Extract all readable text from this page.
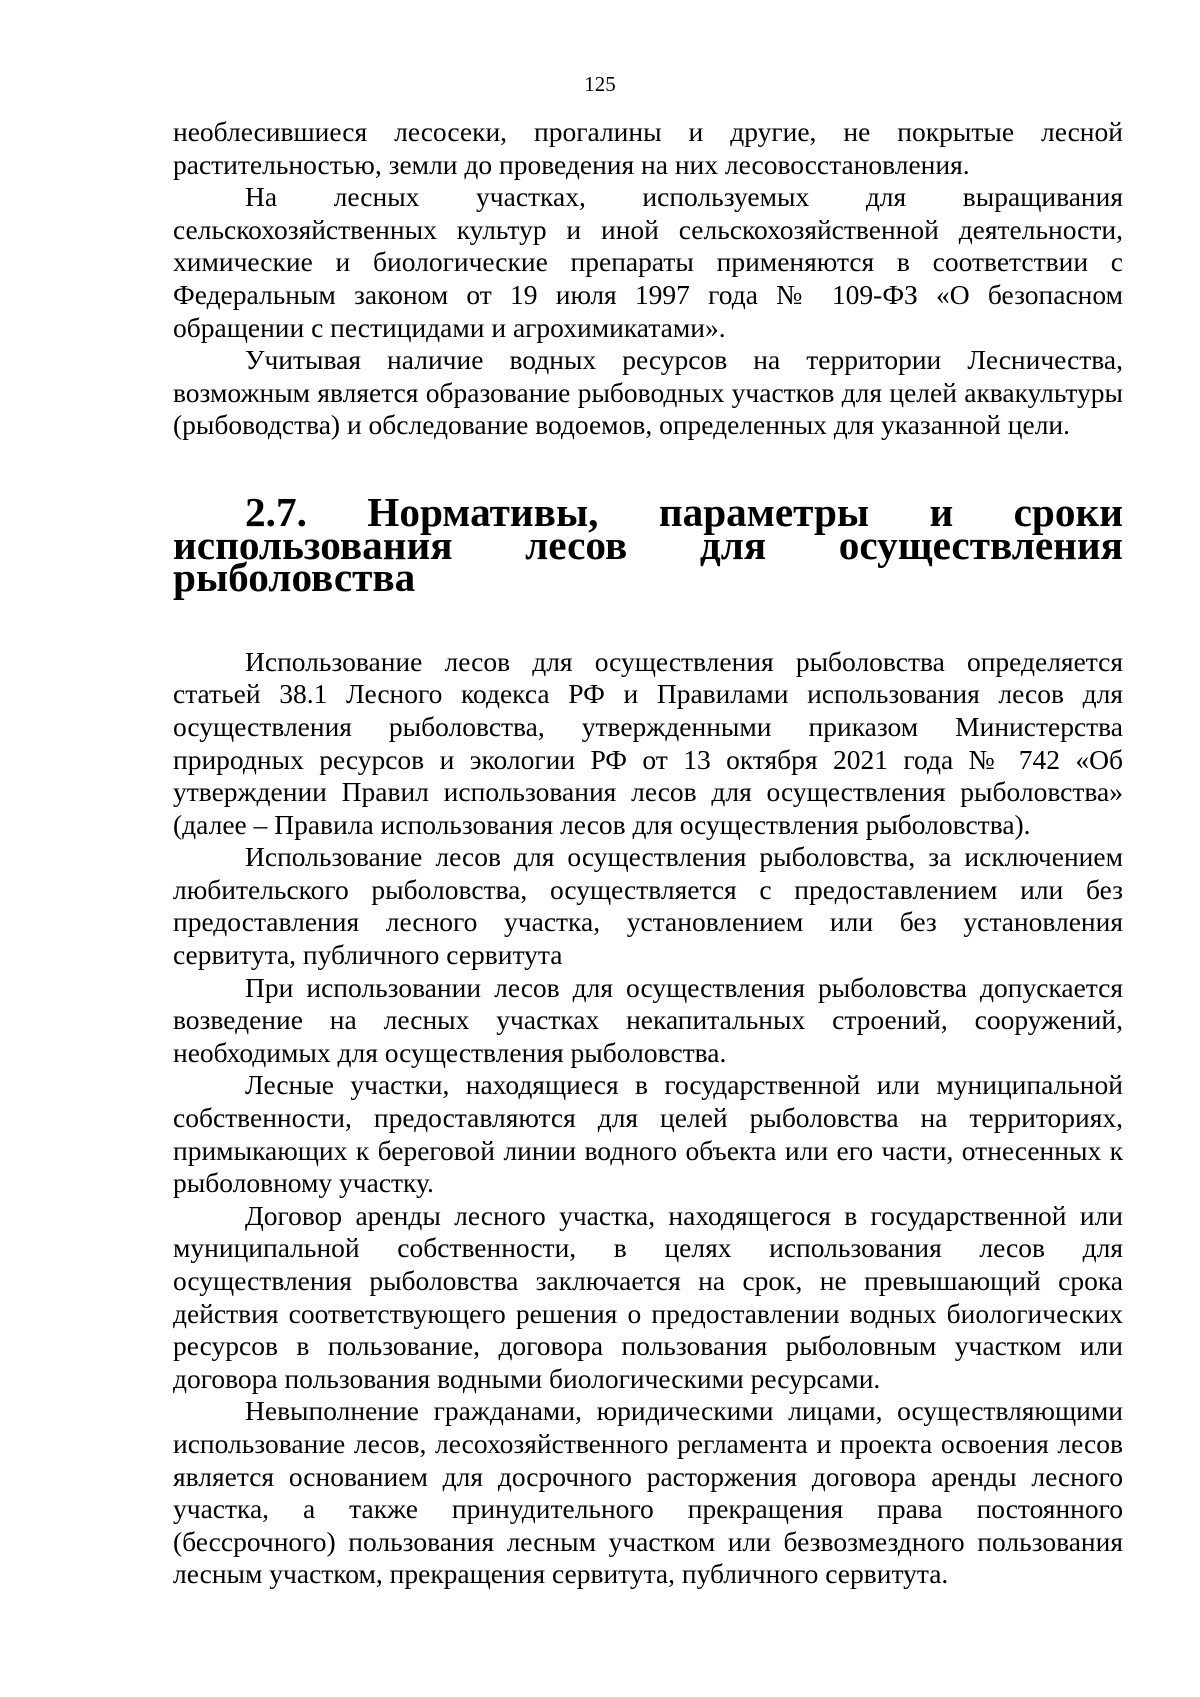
125

необлесившиеся лесосеки, прогалины и другие, не покрытые лесной растительностью, земли до проведения на них лесовосстановления.

На лесных участках, используемых для выращивания сельскохозяйственных культур и иной сельскохозяйственной деятельности, химические и биологические препараты применяются в соответствии с Федеральным законом от 19 июля 1997 года № 109-ФЗ «О безопасном обращении с пестицидами и агрохимикатами».

Учитывая наличие водных ресурсов на территории Лесничества, возможным является образование рыбоводных участков для целей аквакультуры (рыбоводства) и обследование водоемов, определенных для указанной цели.

2.7. Нормативы, параметры и сроки использования лесов для осуществления рыболовства

Использование лесов для осуществления рыболовства определяется статьей 38.1 Лесного кодекса РФ и Правилами использования лесов для осуществления рыболовства, утвержденными приказом Министерства природных ресурсов и экологии РФ от 13 октября 2021 года № 742 «Об утверждении Правил использования лесов для осуществления рыболовства» (далее – Правила использования лесов для осуществления рыболовства).

Использование лесов для осуществления рыболовства, за исключением любительского рыболовства, осуществляется с предоставлением или без предоставления лесного участка, установлением или без установления сервитута, публичного сервитута

При использовании лесов для осуществления рыболовства допускается возведение на лесных участках некапитальных строений, сооружений, необходимых для осуществления рыболовства.

Лесные участки, находящиеся в государственной или муниципальной собственности, предоставляются для целей рыболовства на территориях, примыкающих к береговой линии водного объекта или его части, отнесенных к рыболовному участку.

Договор аренды лесного участка, находящегося в государственной или муниципальной собственности, в целях использования лесов для осуществления рыболовства заключается на срок, не превышающий срока действия соответствующего решения о предоставлении водных биологических ресурсов в пользование, договора пользования рыболовным участком или договора пользования водными биологическими ресурсами.

Невыполнение гражданами, юридическими лицами, осуществляющими использование лесов, лесохозяйственного регламента и проекта освоения лесов является основанием для досрочного расторжения договора аренды лесного участка, а также принудительного прекращения права постоянного (бессрочного) пользования лесным участком или безвозмездного пользования лесным участком, прекращения сервитута, публичного сервитута.
